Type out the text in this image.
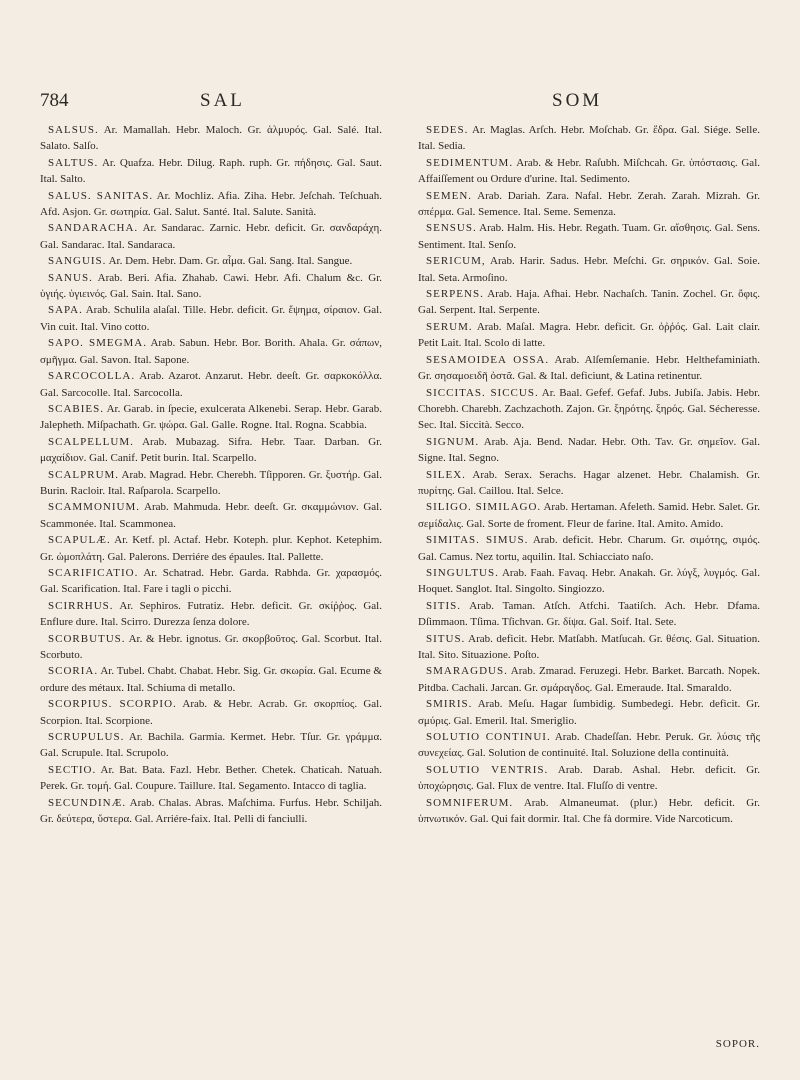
784	SAL	SOM

SALSUS. Ar. Mamallah. Hebr. Maloch. Gr. ἁλμυρός. Gal. Salé. Ital. Salato. Salſo.

SALTUS. Ar. Quafza. Hebr. Dilug. Raph. ruph. Gr. πήδησις. Gal. Saut. Ital. Salto.

SALUS. SANITAS. Ar. Mochliz. Afia. Ziha. Hebr. Jeſchah. Teſchuah. Afd. Asjon. Gr. σωτηρία. Gal. Salut. Santé. Ital. Salute. Sanità.

SANDARACHA. Ar. Sandarac. Zarnic. Hebr. deficit. Gr. σανδαράχη. Gal. Sandarac. Ital. Sandaraca.

SANGUIS. Ar. Dem. Hebr. Dam. Gr. αἷμα. Gal. Sang. Ital. Sangue.

SANUS. Arab. Beri. Afia. Zhahab. Cawi. Hebr. Afi. Chalum &c. Gr. ὑγιής. ὑγιεινός. Gal. Sain. Ital. Sano.

SAPA. Arab. Schulila alaſal. Tille. Hebr. deficit. Gr. ἕψημα, σίραιον. Gal. Vin cuit. Ital. Vino cotto.

SAPO. SMEGMA. Arab. Sabun. Hebr. Bor. Borith. Ahala. Gr. σάπων, σμῆγμα. Gal. Savon. Ital. Sapone.

SARCOCOLLA. Arab. Azarot. Anzarut. Hebr. deeſt. Gr. σαρκοκόλλα. Gal. Sarcocolle. Ital. Sarcocolla.

SCABIES. Ar. Garab. in ſpecie, exulcerata Alkenebi. Serap. Hebr. Garab. Jalepheth. Miſpachath. Gr. ψώρα. Gal. Galle. Rogne. Ital. Rogna. Scabbia.

SCALPELLUM. Arab. Mubazag. Sifra. Hebr. Taar. Darban. Gr. μαχαίδιον. Gal. Canif. Petit burin. Ital. Scarpello.

SCALPRUM. Arab. Magrad. Hebr. Cherebh. Tſipporen. Gr. ξυστήρ. Gal. Burin. Racloir. Ital. Raſparola. Scarpello.

SCAMMONIUM. Arab. Mahmuda. Hebr. deeſt. Gr. σκαμμώνιον. Gal. Scammonée. Ital. Scammonea.

SCAPULÆ. Ar. Ketf. pl. Actaf. Hebr. Koteph. plur. Kephot. Ketephim. Gr. ὠμοπλάτη. Gal. Palerons. Derriére des épaules. Ital. Pallette.

SCARIFICATIO. Ar. Schatrad. Hebr. Garda. Rabhda. Gr. χαρασμός. Gal. Scarification. Ital. Fare i tagli o picchi.

SCIRRHUS. Ar. Sephiros. Futratiz. Hebr. deficit. Gr. σκίῤῥος. Gal. Enflure dure. Ital. Scirro. Durezza ſenza dolore.

SCORBUTUS. Ar. & Hebr. ignotus. Gr. σκορβοῦτος. Gal. Scorbut. Ital. Scorbuto.

SCORIA. Ar. Tubel. Chabt. Chabat. Hebr. Sig. Gr. σκωρία. Gal. Ecume & ordure des métaux. Ital. Schiuma di metallo.

SCORPIUS. SCORPIO. Arab. & Hebr. Acrab. Gr. σκορπίος. Gal. Scorpion. Ital. Scorpione.

SCRUPULUS. Ar. Bachila. Garmia. Kermet. Hebr. Tſur. Gr. γράμμα. Gal. Scrupule. Ital. Scrupolo.

SECTIO. Ar. Bat. Bata. Fazl. Hebr. Bether. Chetek. Chaticah. Natuah. Perek. Gr. τομή. Gal. Coupure. Taillure. Ital. Segamento. Intacco di taglia.

SECUNDINÆ. Arab. Chalas. Abras. Maſchima. Furfus. Hebr. Schiljah. Gr. δεύτερα, ὕστερα. Gal. Arriére-faix. Ital. Pelli di fanciulli.

SEDES. Ar. Maglas. Arſch. Hebr. Moſchab. Gr. ἕδρα. Gal. Siége. Selle. Ital. Sedia.

SEDIMENTUM. Arab. & Hebr. Raſubh. Miſchcah. Gr. ὑπόστασις. Gal. Affaiſſement ou Ordure d'urine. Ital. Sedimento.

SEMEN. Arab. Dariah. Zara. Nafal. Hebr. Zerah. Zarah. Mizrah. Gr. σπέρμα. Gal. Semence. Ital. Seme. Semenza.

SENSUS. Arab. Halm. His. Hebr. Regath. Tuam. Gr. αἴσθησις. Gal. Sens. Sentiment. Ital. Senſo.

SERICUM, Arab. Harir. Sadus. Hebr. Meſchi. Gr. σηρικόν. Gal. Soie. Ital. Seta. Armoſino.

SERPENS. Arab. Haja. Afhai. Hebr. Nachaſch. Tanin. Zochel. Gr. ὄφις. Gal. Serpent. Ital. Serpente.

SERUM. Arab. Maſal. Magra. Hebr. deficit. Gr. ὀῤῥός. Gal. Lait clair. Petit Lait. Ital. Scolo di latte.

SESAMOIDEA OSSA. Arab. Alſemſemanie. Hebr. Helthefaminiath. Gr. σησαμοειδῆ ὀστᾶ. Gal. & Ital. deficiunt, & Latina retinentur.

SICCITAS. SICCUS. Ar. Baal. Gefef. Gefaf. Jubs. Jubiſa. Jabis. Hebr. Chorebh. Charebh. Zachzachoth. Zajon. Gr. ξηρότης. ξηρός. Gal. Sécheresse. Sec. Ital. Siccità. Secco.

SIGNUM. Arab. Aja. Bend. Nadar. Hebr. Oth. Tav. Gr. σημεῖον. Gal. Signe. Ital. Segno.

SILEX. Arab. Serax. Serachs. Hagar alzenet. Hebr. Chalamish. Gr. πυρίτης. Gal. Caillou. Ital. Selce.

SILIGO. SIMILAGO. Arab. Hertaman. Afeleth. Samid. Hebr. Salet. Gr. σεμίδαλις. Gal. Sorte de froment. Fleur de farine. Ital. Amito. Amido.

SIMITAS. SIMUS. Arab. deficit. Hebr. Charum. Gr. σιμότης, σιμός. Gal. Camus. Nez tortu, aquilin. Ital. Schiacciato naſo.

SINGULTUS. Arab. Faah. Favaq. Hebr. Anakah. Gr. λύγξ, λυγμός. Gal. Hoquet. Sanglot. Ital. Singolto. Singiozzo.

SITIS. Arab. Taman. Atſch. Atfchi. Taatiſch. Ach. Hebr. Dfama. Dſimmaon. Tſima. Tſichvan. Gr. δίψα. Gal. Soif. Ital. Sete.

SITUS. Arab. deficit. Hebr. Matſabh. Matſucah. Gr. θέσις. Gal. Situation. Ital. Sito. Situazione. Poſto.

SMARAGDUS. Arab. Zmarad. Feruzegi. Hebr. Barket. Barcath. Nopek. Pitdba. Cachali. Jarcan. Gr. σμάραγδος. Gal. Emeraude. Ital. Smaraldo.

SMIRIS. Arab. Meſu. Hagar ſumbidig. Sumbedegi. Hebr. deficit. Gr. σμύρις. Gal. Emeril. Ital. Smeriglio.

SOLUTIO CONTINUI. Arab. Chadeſſan. Hebr. Peruk. Gr. λύσις τῆς συνεχείας. Gal. Solution de continuité. Ital. Soluzione della continuità.

SOLUTIO VENTRIS. Arab. Darab. Ashal. Hebr. deficit. Gr. ὑποχώρησις. Gal. Flux de ventre. Ital. Fluſſo di ventre.

SOMNIFERUM. Arab. Almaneumat. (plur.) Hebr. deficit. Gr. ὑπνωτικόν. Gal. Qui fait dormir. Ital. Che fà dormire. Vide Narcoticum.

SOPOR.
